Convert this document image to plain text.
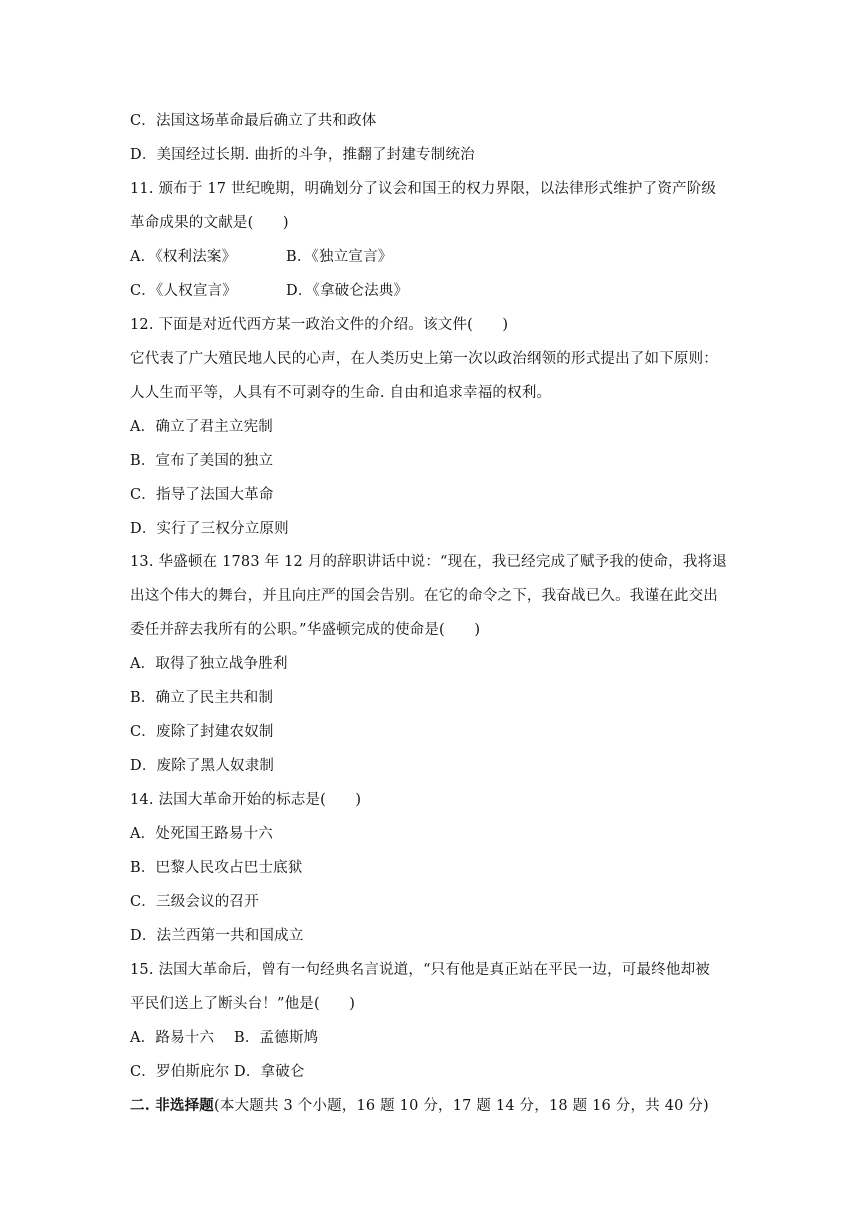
C．法国这场革命最后确立了共和政体
D．美国经过长期. 曲折的斗争，推翻了封建专制统治
11. 颁布于 17 世纪晚期，明确划分了议会和国王的权力界限，以法律形式维护了资产阶级
革命成果的文献是(　　)
A．《权利法案》	B．《独立宣言》
C．《人权宣言》	D．《拿破仑法典》
12. 下面是对近代西方某一政治文件的介绍。该文件(　　)
它代表了广大殖民地人民的心声，在人类历史上第一次以政治纲领的形式提出了如下原则：
人人生而平等，人具有不可剥夺的生命. 自由和追求幸福的权利。
A．确立了君主立宪制
B．宣布了美国的独立
C．指导了法国大革命
D．实行了三权分立原则
13. 华盛顿在 1783 年 12 月的辞职讲话中说：“现在，我已经完成了赋予我的使命，我将退
出这个伟大的舞台，并且向庄严的国会告别。在它的命令之下，我奋战已久。我谨在此交出
委任并辞去我所有的公职。”华盛顿完成的使命是(　　)
A．取得了独立战争胜利
B．确立了民主共和制
C．废除了封建农奴制
D．废除了黑人奴隶制
14. 法国大革命开始的标志是(　　)
A．处死国王路易十六
B．巴黎人民攻占巴士底狱
C．三级会议的召开
D．法兰西第一共和国成立
15. 法国大革命后，曾有一句经典名言说道，“只有他是真正站在平民一边，可最终他却被
平民们送上了断头台！”他是(　　)
A．路易十六 B．孟德斯鸠
C．罗伯斯庇尔 D．拿破仑
二. 非选择题(本大题共 3 个小题，16 题 10 分，17 题 14 分，18 题 16 分，共 40 分)
